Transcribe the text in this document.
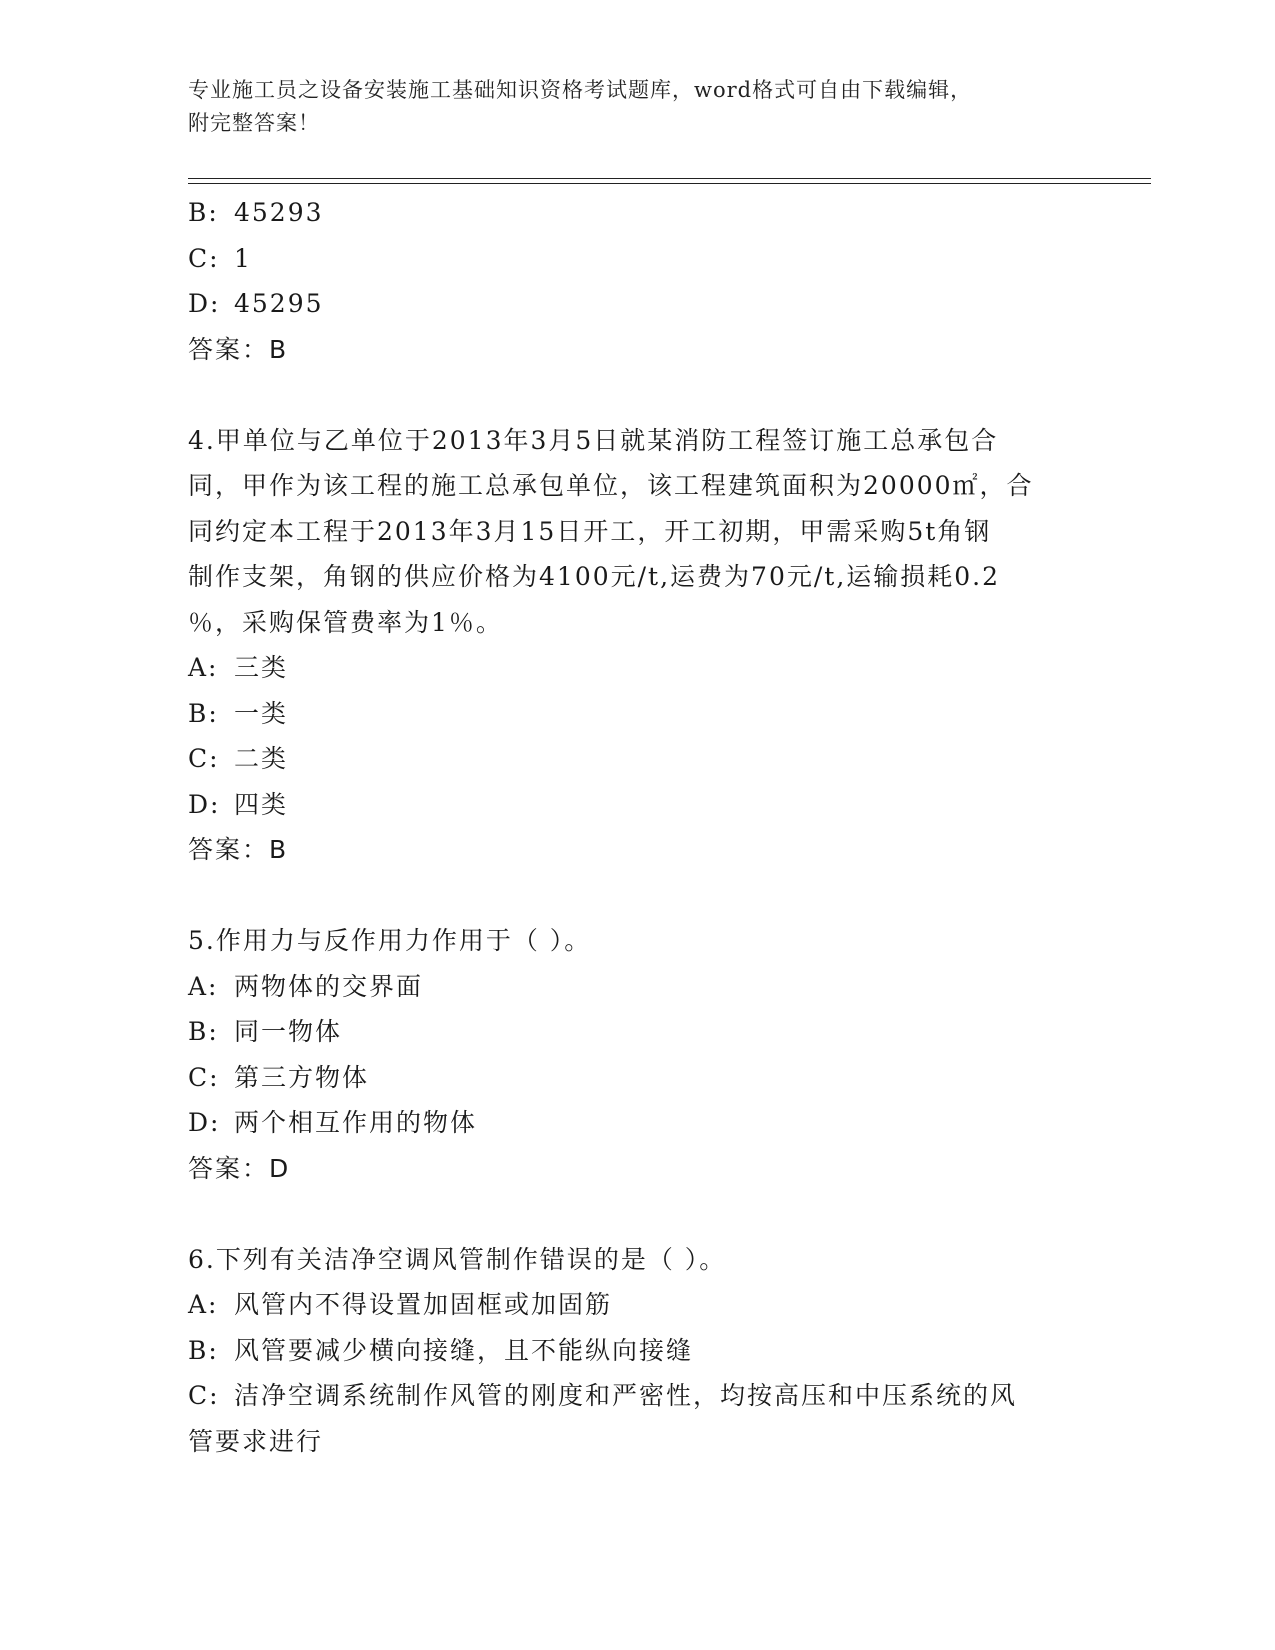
专业施工员之设备安装施工基础知识资格考试题库，word格式可自由下载编辑，
附完整答案！
B: 45293
C: 1
D: 45295
答案：B
4.甲单位与乙单位于2013年3月5日就某消防工程签订施工总承包合
同，甲作为该工程的施工总承包单位，该工程建筑面积为20000㎡，合
同约定本工程于2013年3月15日开工，开工初期，甲需采购5t角钢
制作支架，角钢的供应价格为4100元/t,运费为70元/t,运输损耗0.2
％，采购保管费率为1％。
A: 三类
B: 一类
C: 二类
D: 四类
答案：B
5.作用力与反作用力作用于（ ）。
A: 两物体的交界面
B: 同一物体
C: 第三方物体
D: 两个相互作用的物体
答案：D
6.下列有关洁净空调风管制作错误的是（ ）。
A: 风管内不得设置加固框或加固筋
B: 风管要减少横向接缝，且不能纵向接缝
C: 洁净空调系统制作风管的刚度和严密性，均按高压和中压系统的风
管要求进行
